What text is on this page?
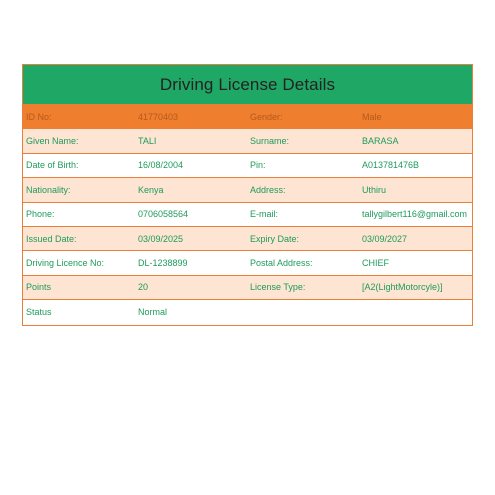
Driving License Details
ID No:	41770403	Gender:	Male
Given Name:	TALI	Surname:	BARASA
Date of Birth:	16/08/2004	Pin:	A013781476B
Nationality:	Kenya	Address:	Uthiru
Phone:	0706058564	E-mail:	tallygilbert116@gmail.com
Issued Date:	03/09/2025	Expiry Date:	03/09/2027
Driving Licence No:	DL-1238899	Postal Address:	CHIEF
Points	20	License Type:	[A2(LightMotorcyle)]
Status	Normal
